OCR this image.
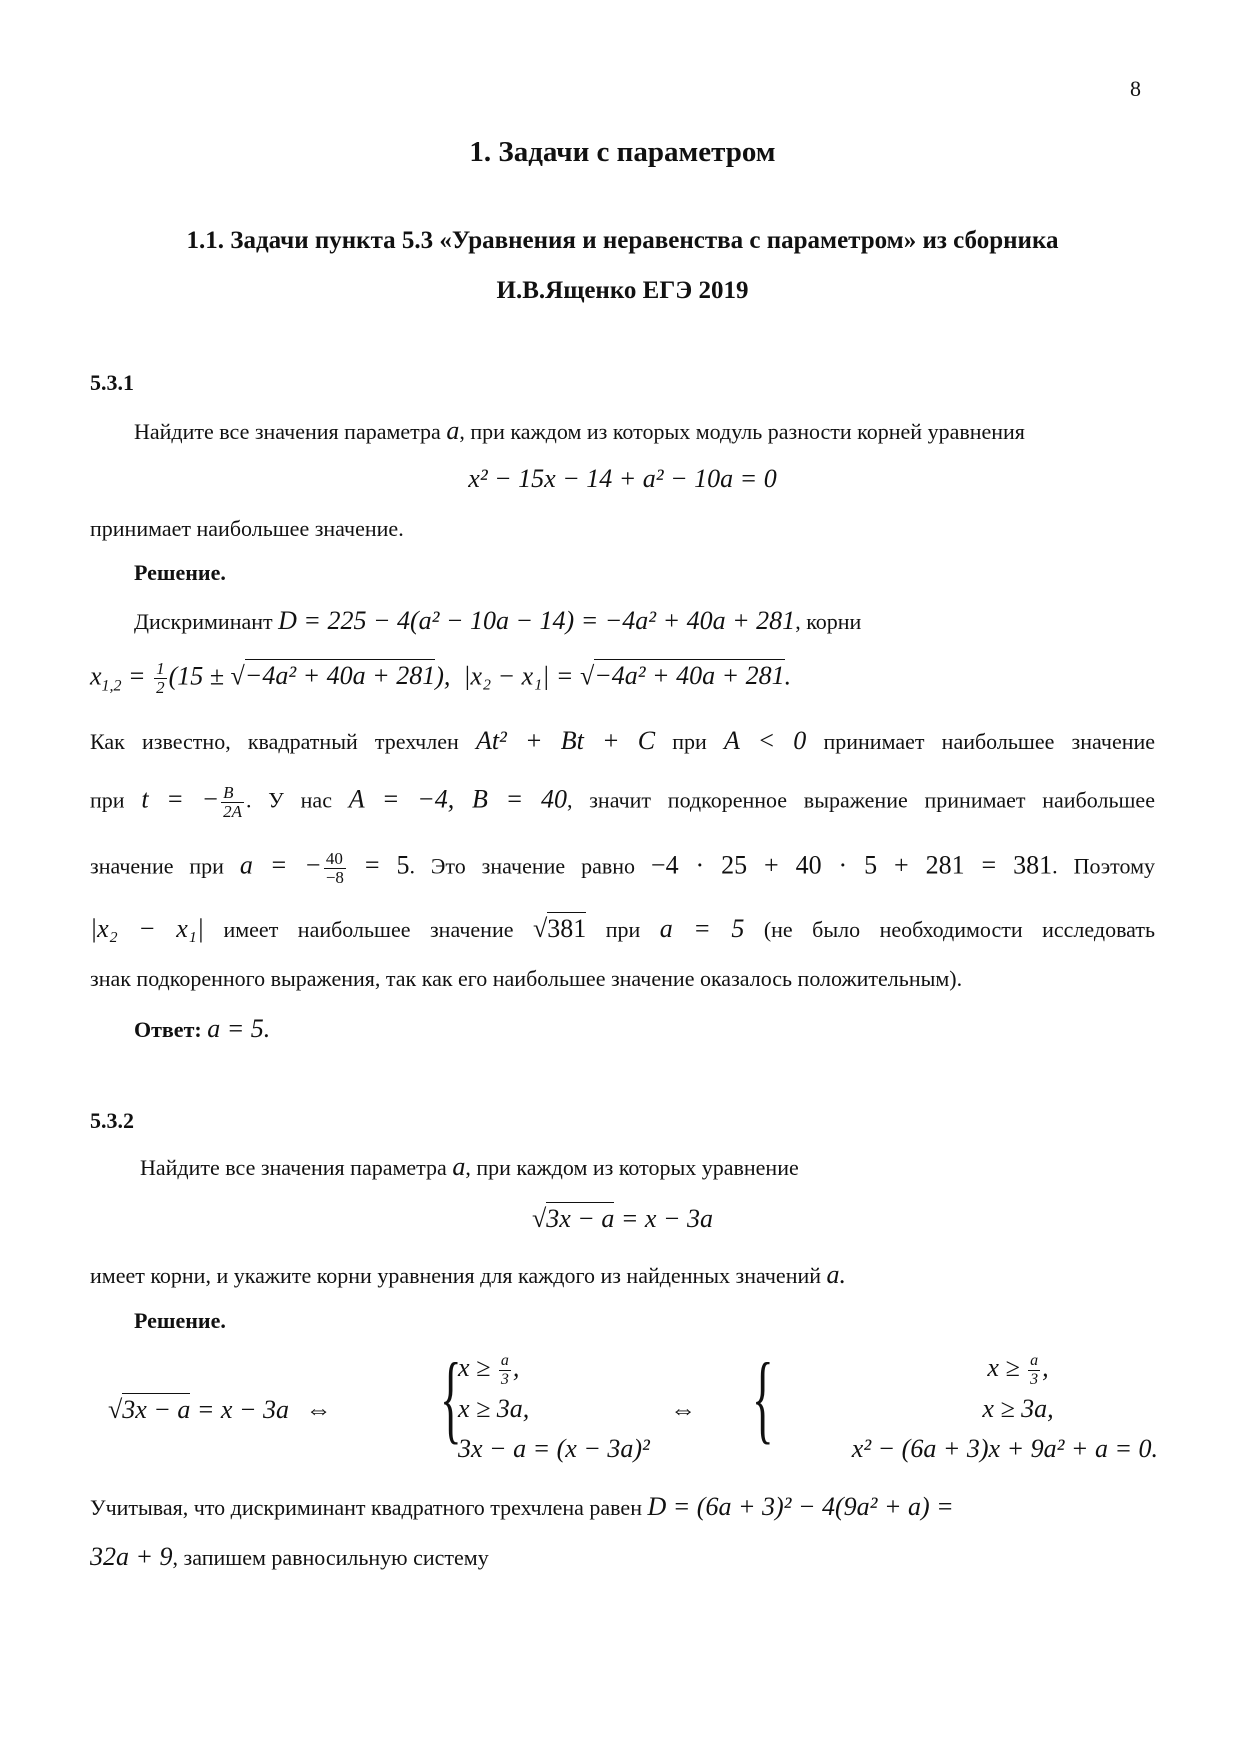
8
1. Задачи с параметром
1.1. Задачи пункта 5.3 «Уравнения и неравенства с параметром» из сборника
И.В.Ященко ЕГЭ 2019
5.3.1
Найдите все значения параметра a, при каждом из которых модуль разности корней уравнения
x² − 15x − 14 + a² − 10a = 0
принимает наибольшее значение.
Решение.
Дискриминант D = 225 − 4(a² − 10a − 14) = −4a² + 40a + 281, корни
$x_{1,2} = \frac{1}{2} (15 \pm √-4a^2 + 40a + 281)$, |x₂ − x₁| = √−4a² + 40a + 281.
Как известно, квадратный трехчлен At² + Bt + C при A < 0 принимает наибольшее значение
при t = − $\frac{B}{2A}$ . У нас A = −4, B = 40, значит подкоренное выражение принимает наибольшее
значение при a = − $\frac{40}{-8} = 5$. Это значение равно −4 · 25 + 40 · 5 + 281 = 381. Поэтому
|x₂ − x₁| имеет наибольшее значение √381 при a = 5 (не было необходимости исследовать
знак подкоренного выражения, так как его наибольшее значение оказалось положительным).
Ответ: a = 5.
5.3.2
Найдите все значения параметра a, при каждом из которых уравнение
√3x − a = x − 3a
имеет корни, и укажите корни уравнения для каждого из найденных значений a.
Решение.
√3x − a = x − 3a ⇔ {
$x \ge \frac{a}{3}$ ,
x ≥ 3a,
3x − a = (x − 3a)²
⇔ {	$x \ge \frac{a}{3}$ ,
x ≥ 3a,
x² − (6a + 3)x + 9a² + a = 0.
Учитывая, что дискриминант квадратного трехчлена равен D = (6a + 3)² − 4(9a² + a) =
32a + 9, запишем равносильную систему
